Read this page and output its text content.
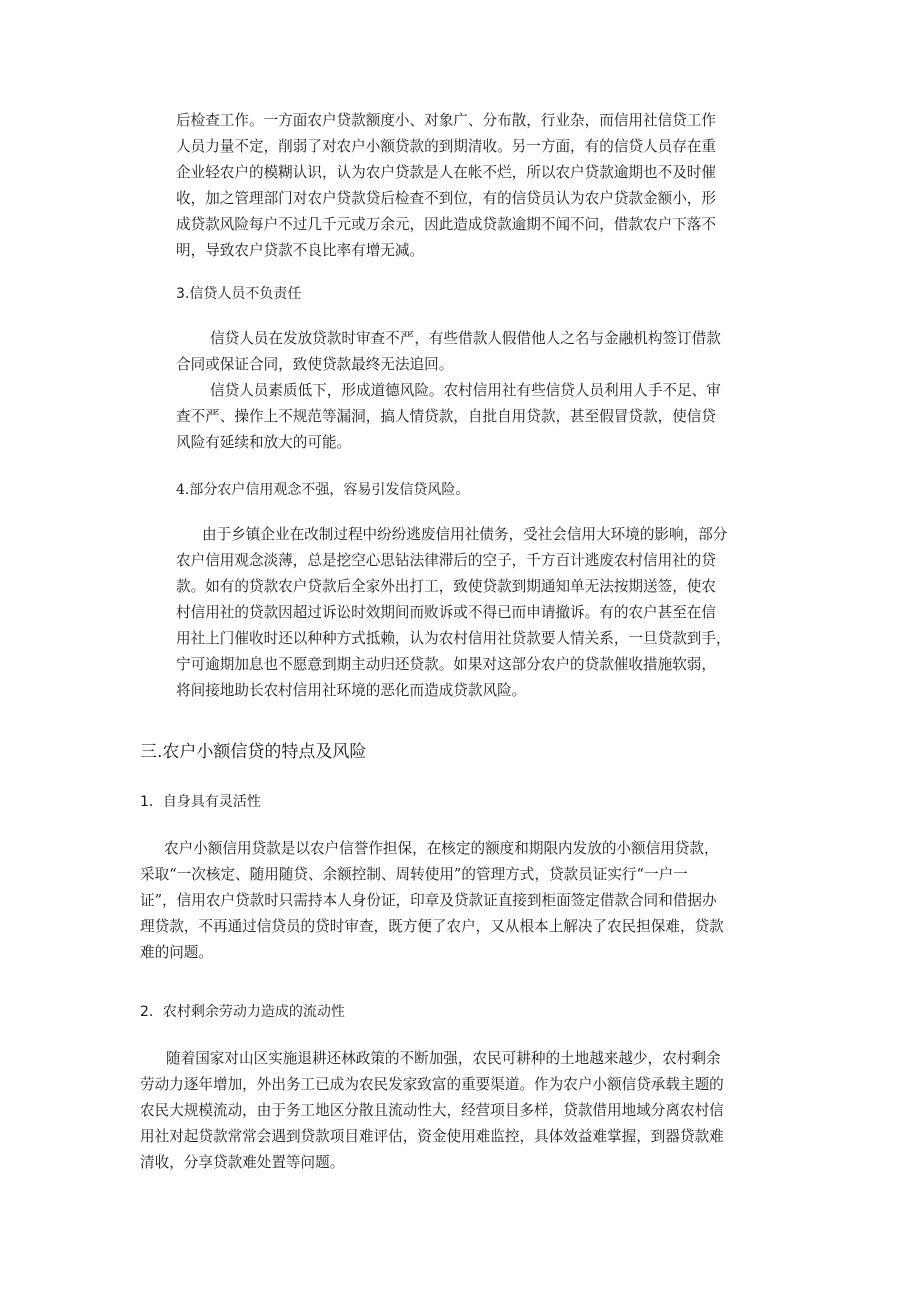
后检查工作。一方面农户贷款额度小、对象广、分布散，行业杂，而信用社信贷工作
人员力量不定，削弱了对农户小额贷款的到期清收。另一方面，有的信贷人员存在重
企业轻农户的模糊认识，认为农户贷款是人在帐不烂，所以农户贷款逾期也不及时催
收，加之管理部门对农户贷款贷后检查不到位，有的信贷员认为农户贷款金额小，形
成贷款风险每户不过几千元或万余元，因此造成贷款逾期不闻不问，借款农户下落不
明，导致农户贷款不良比率有增无减。
3.信贷人员不负责任
信贷人员在发放贷款时审查不严，有些借款人假借他人之名与金融机构签订借款
合同或保证合同，致使贷款最终无法追回。
信贷人员素质低下，形成道德风险。农村信用社有些信贷人员利用人手不足、审
查不严、操作上不规范等漏洞，搞人情贷款，自批自用贷款，甚至假冒贷款，使信贷
风险有延续和放大的可能。
4.部分农户信用观念不强，容易引发信贷风险。
由于乡镇企业在改制过程中纷纷逃废信用社债务，受社会信用大环境的影响，部分
农户信用观念淡薄，总是挖空心思钻法律滞后的空子，千方百计逃废农村信用社的贷
款。如有的贷款农户贷款后全家外出打工，致使贷款到期通知单无法按期送签，使农
村信用社的贷款因超过诉讼时效期间而败诉或不得已而申请撤诉。有的农户甚至在信
用社上门催收时还以种种方式抵赖，认为农村信用社贷款要人情关系，一旦贷款到手，
宁可逾期加息也不愿意到期主动归还贷款。如果对这部分农户的贷款催收措施软弱，
将间接地助长农村信用社环境的恶化而造成贷款风险。
三.农户小额信贷的特点及风险
1．自身具有灵活性
农户小额信用贷款是以农户信誉作担保，在核定的额度和期限内发放的小额信用贷款，
采取“一次核定、随用随贷、余额控制、周转使用”的管理方式，贷款员证实行“一户一
证”，信用农户贷款时只需持本人身份证，印章及贷款证直接到柜面签定借款合同和借据办
理贷款，不再通过信贷员的贷时审查，既方便了农户，又从根本上解决了农民担保难，贷款
难的问题。
2．农村剩余劳动力造成的流动性
随着国家对山区实施退耕还林政策的不断加强，农民可耕种的土地越来越少，农村剩余
劳动力逐年增加，外出务工已成为农民发家致富的重要渠道。作为农户小额信贷承载主题的
农民大规模流动，由于务工地区分散且流动性大，经营项目多样，贷款借用地域分离农村信
用社对起贷款常常会遇到贷款项目难评估，资金使用难监控，具体效益难掌握，到器贷款难
清收，分享贷款难处置等问题。
